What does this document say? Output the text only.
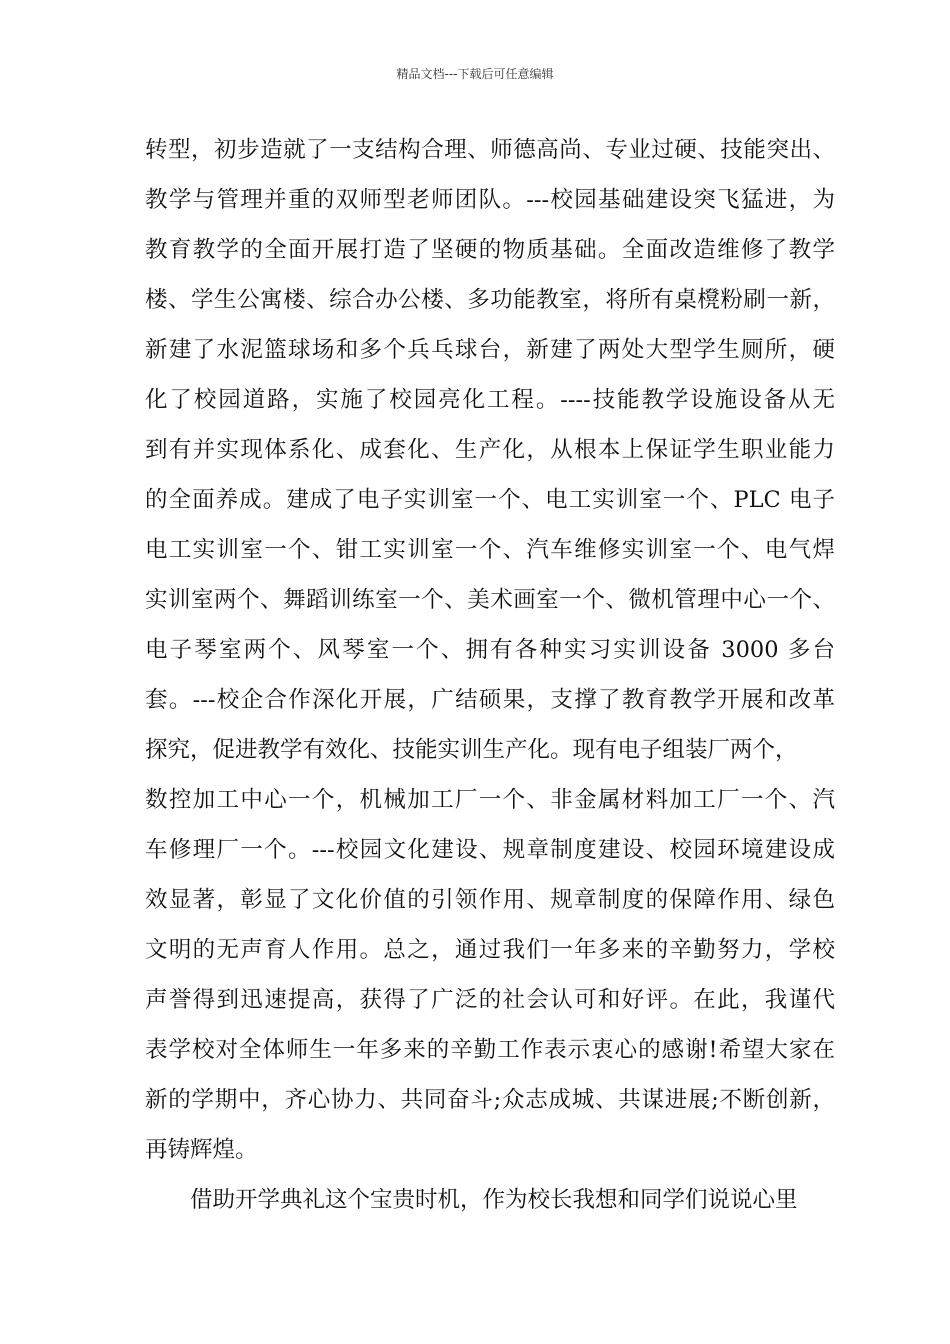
精品文档---下载后可任意编辑
转型，初步造就了一支结构合理、师德高尚、专业过硬、技能突出、
教学与管理并重的双师型老师团队。---校园基础建设突飞猛进，为
教育教学的全面开展打造了坚硬的物质基础。全面改造维修了教学
楼、学生公寓楼、综合办公楼、多功能教室，将所有桌櫈粉刷一新，
新建了水泥篮球场和多个兵乓球台，新建了两处大型学生厕所，硬
化了校园道路，实施了校园亮化工程。----技能教学设施设备从无
到有并实现体系化、成套化、生产化，从根本上保证学生职业能力
的全面养成。建成了电子实训室一个、电工实训室一个、PLC 电子
电工实训室一个、钳工实训室一个、汽车维修实训室一个、电气焊
实训室两个、舞蹈训练室一个、美术画室一个、微机管理中心一个、
电子琴室两个、风琴室一个、拥有各种实习实训设备 3000 多台
套。---校企合作深化开展，广结硕果，支撑了教育教学开展和改革
探究，促进教学有效化、技能实训生产化。现有电子组装厂两个，
数控加工中心一个，机械加工厂一个、非金属材料加工厂一个、汽
车修理厂一个。---校园文化建设、规章制度建设、校园环境建设成
效显著，彰显了文化价值的引领作用、规章制度的保障作用、绿色
文明的无声育人作用。总之，通过我们一年多来的辛勤努力，学校
声誉得到迅速提高，获得了广泛的社会认可和好评。在此，我谨代
表学校对全体师生一年多来的辛勤工作表示衷心的感谢!希望大家在
新的学期中，齐心协力、共同奋斗;众志成城、共谋进展;不断创新，
再铸辉煌。
借助开学典礼这个宝贵时机，作为校长我想和同学们说说心里
